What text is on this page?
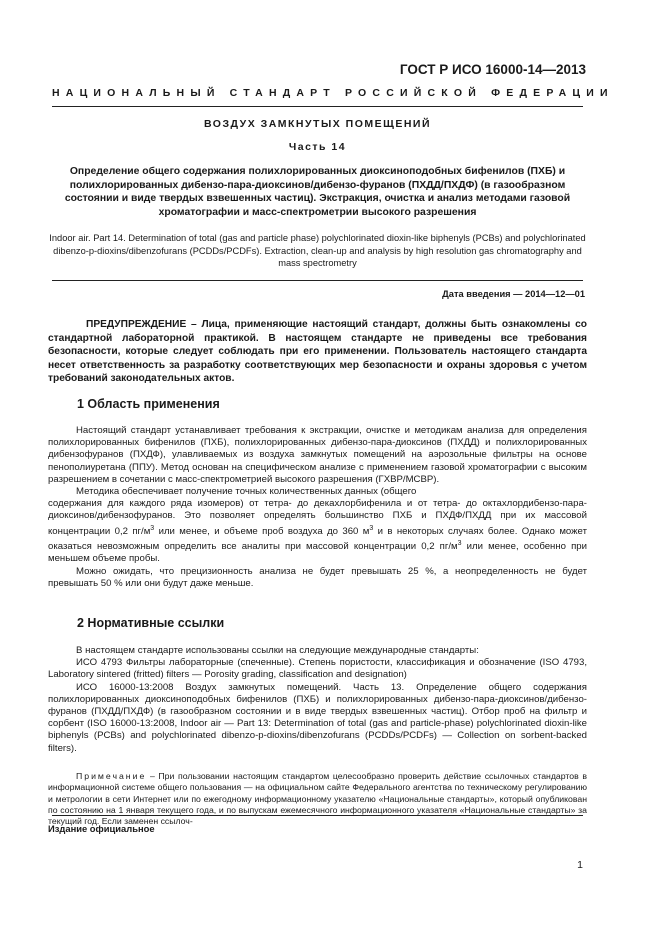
ГОСТ Р ИСО 16000-14—2013
НАЦИОНАЛЬНЫЙ СТАНДАРТ РОССИЙСКОЙ ФЕДЕРАЦИИ
ВОЗДУХ ЗАМКНУТЫХ ПОМЕЩЕНИЙ
Часть 14
Определение общего содержания полихлорированных диоксиноподобных бифенилов (ПХБ) и полихлорированных дибензо-пара-диоксинов/дибензо-фуранов (ПХДД/ПХДФ) (в газообразном состоянии и виде твердых взвешенных частиц). Экстракция, очистка и анализ методами газовой хроматографии и масс-спектрометрии высокого разрешения
Indoor air. Part 14. Determination of total (gas and particle phase) polychlorinated dioxin-like biphenyls (PCBs) and polychlorinated dibenzo-p-dioxins/dibenzofurans (PCDDs/PCDFs). Extraction, clean-up and analysis by high resolution gas chromatography and mass spectrometry
Дата введения — 2014—12—01
ПРЕДУПРЕЖДЕНИЕ – Лица, применяющие настоящий стандарт, должны быть ознакомлены со стандартной лабораторной практикой. В настоящем стандарте не приведены все требования безопасности, которые следует соблюдать при его применении. Пользователь настоящего стандарта несет ответственность за разработку соответствующих мер безопасности и охраны здоровья с учетом требований законодательных актов.
1 Область применения

Настоящий стандарт устанавливает требования к экстракции, очистке и методикам анализа для определения полихлорированных бифенилов (ПХБ), полихлорированных дибензо-пара-диоксинов (ПХДД) и полихлорированных дибензофуранов (ПХДФ), улавливаемых из воздуха замкнутых помещений на аэрозольные фильтры на основе пенополиуретана (ППУ). Метод основан на специфическом анализе с применением газовой хроматографии с высоким разрешением в сочетании с масс-спектрометрией высокого разрешения (ГХВР/МСВР).

Методика обеспечивает получение точных количественных данных (общего

содержания для каждого ряда изомеров) от тетра- до декахлорбифенила и от тетра- до октахлордибензо-пара-диоксинов/дибензофуранов. Это позволяет определять большинство ПХБ и ПХДФ/ПХДД при их массовой концентрации 0,2 $пг/м^3$ или менее, и объеме проб воздуха до 360 $м^3$ и в некоторых случаях более. Однако может оказаться невозможным определить все аналиты при массовой концентрации 0,2 $пг/м^3$ или менее, особенно при меньшем объеме пробы.

Можно ожидать, что прецизионность анализа не будет превышать 25 %, а неопределенность не будет превышать 50 % или они будут даже меньше.

2 Нормативные ссылки

В настоящем стандарте использованы ссылки на следующие международные стандарты:

ИСО 4793 Фильтры лабораторные (спеченные). Степень пористости, классификация и обозначение (ISO 4793, Laboratory sintered (fritted) filters — Porosity grading, classification and designation)

ИСО 16000-13:2008 Воздух замкнутых помещений. Часть 13. Определение общего содержания полихлорированных диоксиноподобных бифенилов (ПХБ) и полихлорированных дибензо-пара-диоксинов/дибензо-фуранов (ПХДД/ПХДФ) (в газообразном состоянии и в виде твердых взвешенных частиц). Отбор проб на фильтр и сорбент (ISO 16000-13:2008, Indoor air — Part 13: Determination of total (gas and particle-phase) polychlorinated dioxin-like biphenyls (PCBs) and polychlorinated dibenzo-p-dioxins/dibenzofurans (PCDDs/PCDFs) — Collection on sorbent-backed filters).

Примечание – При пользовании настоящим стандартом целесообразно проверить действие ссылочных стандартов в информационной системе общего пользования — на официальном сайте Федерального агентства по техническому регулированию и метрологии в сети Интернет или по ежегодному информационному указателю «Национальные стандарты», который опубликован по состоянию на 1 января текущего года, и по выпускам ежемесячного информационного указателя «Национальные стандарты» за текущий год. Если заменен ссылоч-
Издание официальное
1
